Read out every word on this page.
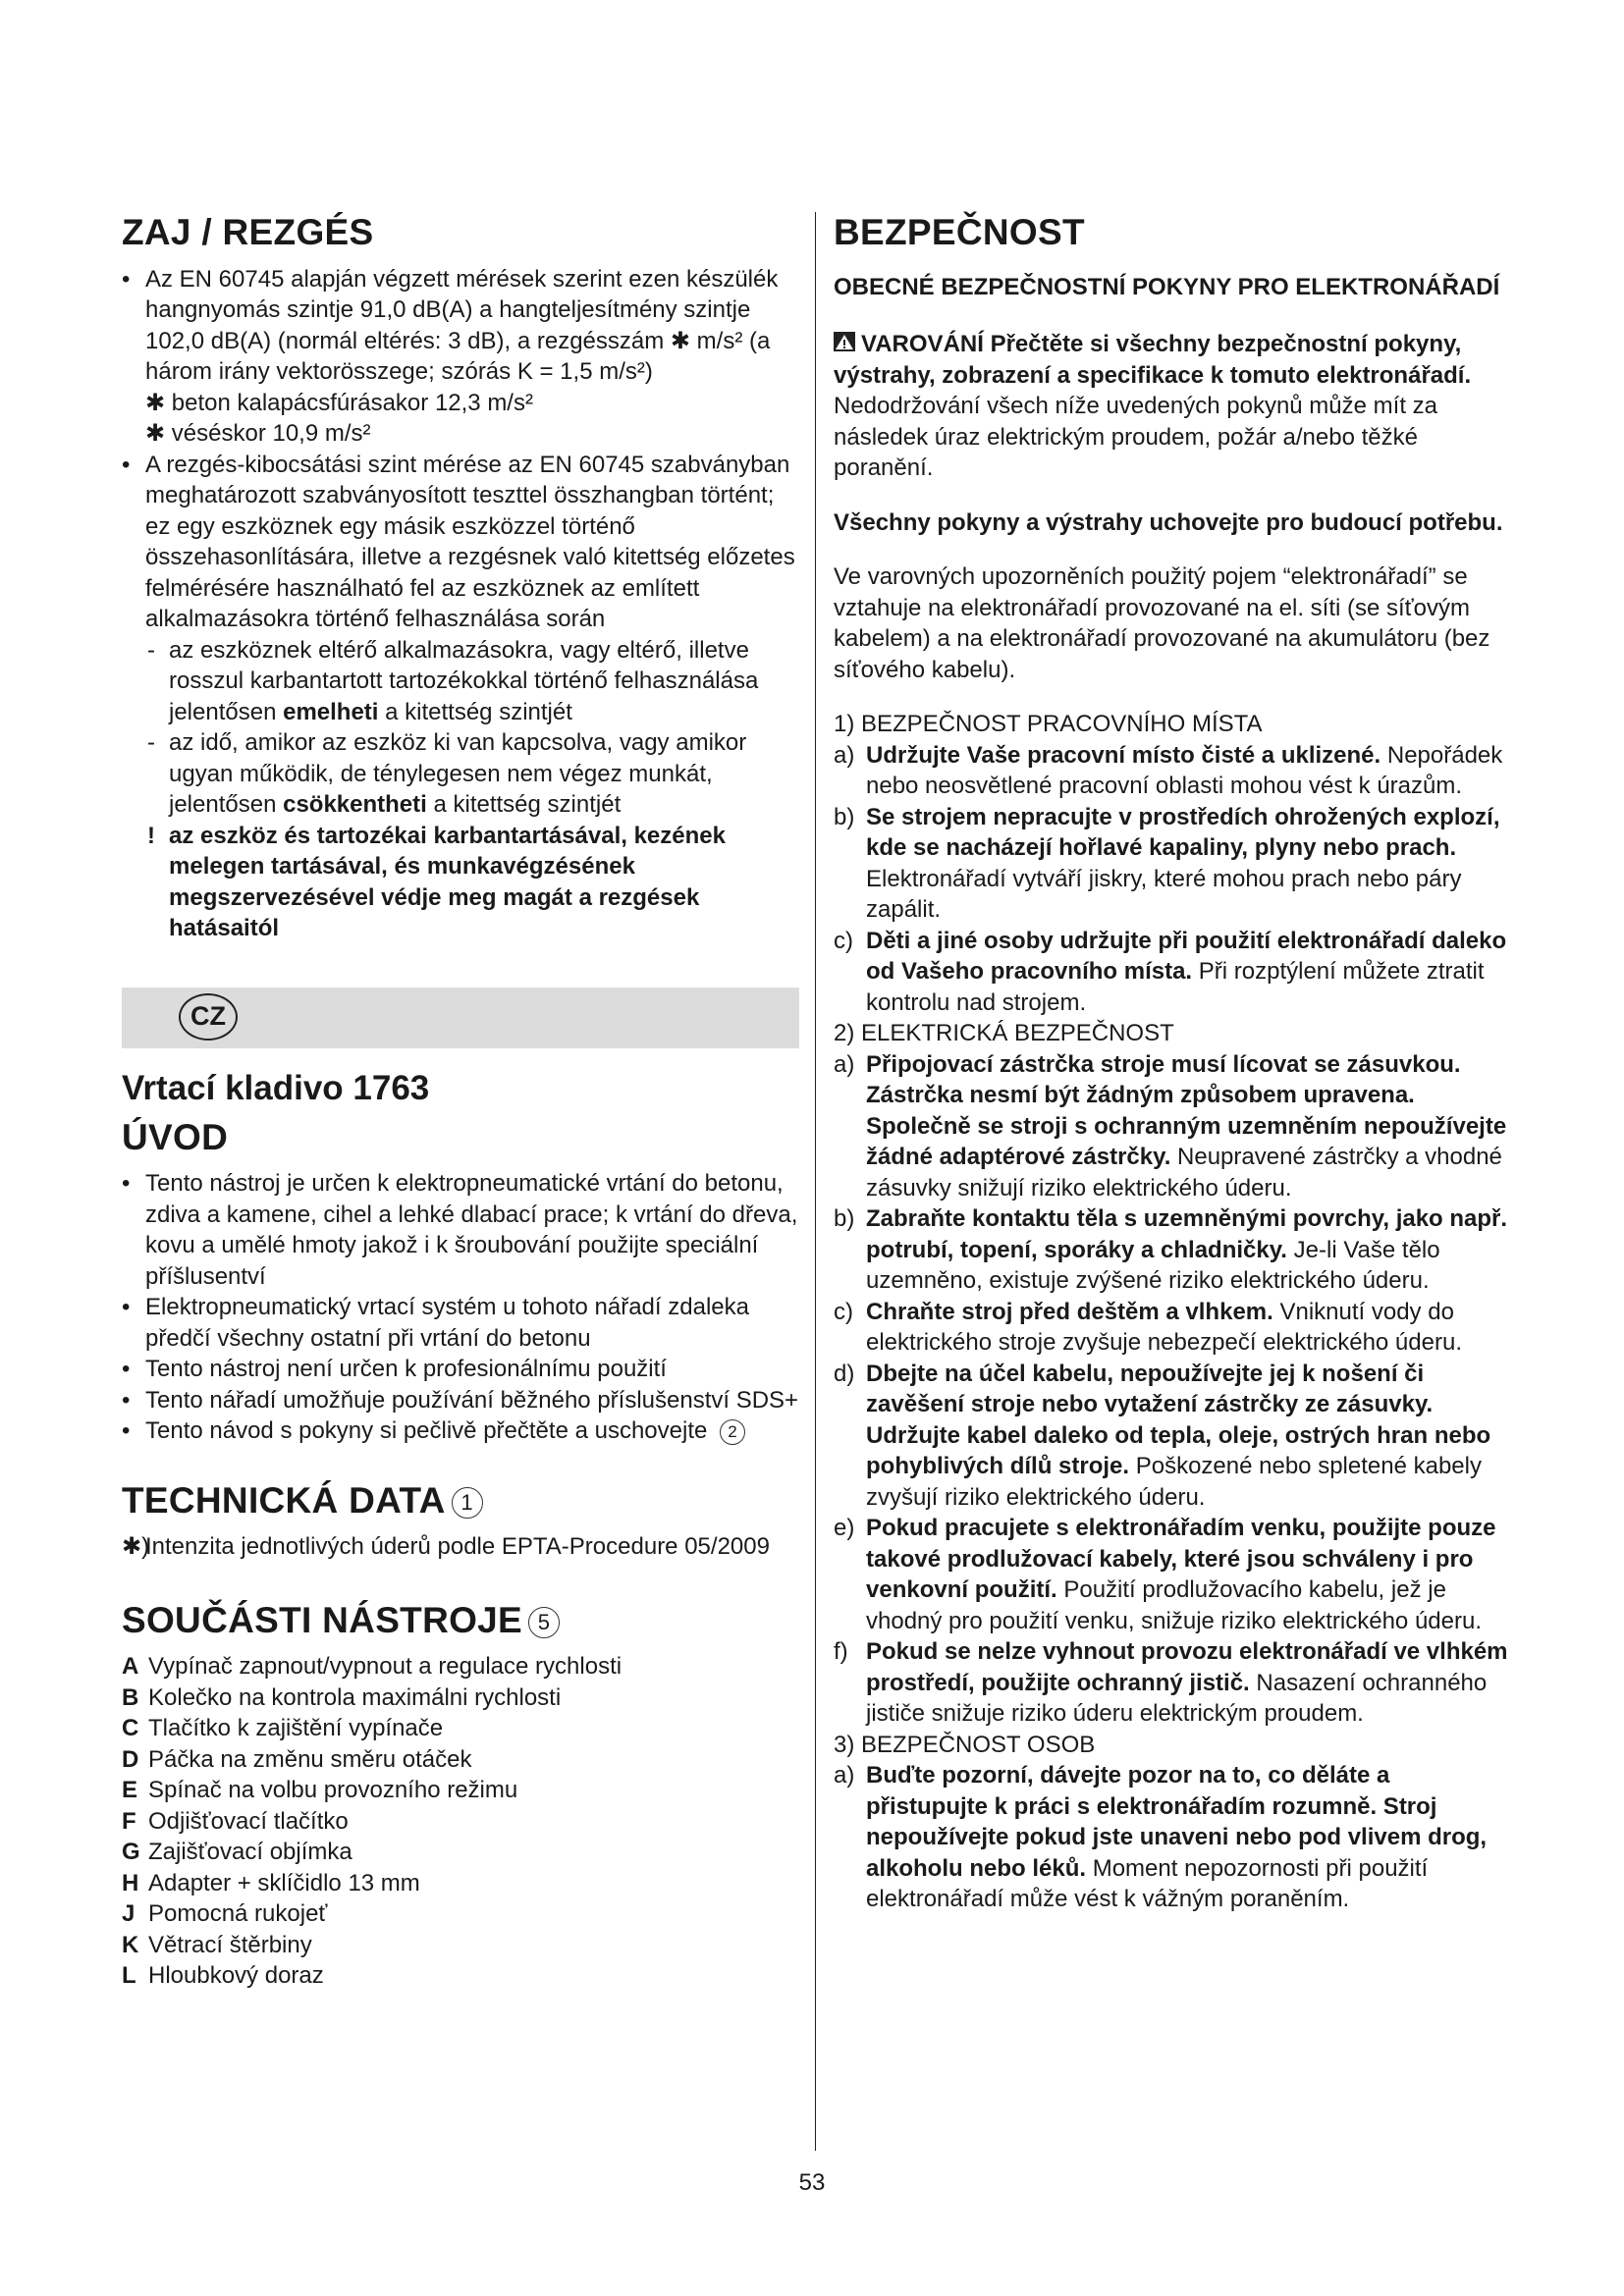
ZAJ / REZGÉS
• Az EN 60745 alapján végzett mérések szerint ezen készülék hangnyomás szintje 91,0 dB(A) a hangteljesítmény szintje 102,0 dB(A) (normál eltérés: 3 dB), a rezgésszám ✱ m/s² (a három irány vektorösszege; szórás K = 1,5 m/s²)
✱ beton kalapácsfúrásakor 12,3 m/s²
✱ véséskor 10,9 m/s²
• A rezgés-kibocsátási szint mérése az EN 60745 szabványban meghatározott szabványosított teszttel összhangban történt; ez egy eszköznek egy másik eszközzel történő összehasonlítására, illetve a rezgésnek való kitettség előzetes felmérésére használható fel az eszköznek az említett alkalmazásokra történő felhasználása során
- az eszköznek eltérő alkalmazásokra, vagy eltérő, illetve rosszul karbantartott tartozékokkal történő felhasználása jelentősen emelheti a kitettség szintjét
- az idő, amikor az eszköz ki van kapcsolva, vagy amikor ugyan működik, de ténylegesen nem végez munkát, jelentősen csökkentheti a kitettség szintjét
! az eszköz és tartozékai karbantartásával, kezének melegen tartásával, és munkavégzésének megszervezésével védje meg magát a rezgések hatásaitól
CZ
Vrtací kladivo 1763
ÚVOD
• Tento nástroj je určen k elektropneumatické vrtání do betonu, zdiva a kamene, cihel a lehké dlabací prace; k vrtání do dřeva, kovu a umělé hmoty jakož i k šroubování použijte speciální příšlusentví
• Elektropneumatický vrtací systém u tohoto nářadí zdaleka předčí všechny ostatní při vrtání do betonu
• Tento nástroj není určen k profesionálnímu použití
• Tento nářadí umožňuje používání běžného příslušenství SDS+
• Tento návod s pokyny si pečlivě přečtěte a uschovejte 2
TECHNICKÁ DATA 1
✱)
Intenzita jednotlivých úderů podle EPTA-Procedure 05/2009
SOUČÁSTI NÁSTROJE 5
A Vypínač zapnout/vypnout a regulace rychlosti
B Kolečko na kontrola maximálni rychlosti
C Tlačítko k zajištění vypínače
D Páčka na změnu směru otáček
E Spínač na volbu provozního režimu
F Odjišťovací tlačítko
G Zajišťovací objímka
H Adapter + sklíčidlo 13 mm
J Pomocná rukojeť
K Větrací štěrbiny
L Hloubkový doraz
BEZPEČNOST
OBECNÉ BEZPEČNOSTNÍ POKYNY PRO ELEKTRONÁŘADÍ
VAROVÁNÍ Přečtěte si všechny bezpečnostní pokyny, výstrahy, zobrazení a specifikace k tomuto elektronářadí. Nedodržování všech níže uvedených pokynů může mít za následek úraz elektrickým proudem, požár a/nebo těžké poranění.
Všechny pokyny a výstrahy uchovejte pro budoucí potřebu.
Ve varovných upozorněních použitý pojem “elektronářadí” se vztahuje na elektronářadí provozované na el. síti (se síťovým kabelem) a na elektronářadí provozované na akumulátoru (bez síťového kabelu).
1) BEZPEČNOST PRACOVNÍHO MÍSTA
a) Udržujte Vaše pracovní místo čisté a uklizené. Nepořádek nebo neosvětlené pracovní oblasti mohou vést k úrazům.
b) Se strojem nepracujte v prostředích ohrožených explozí, kde se nacházejí hořlavé kapaliny, plyny nebo prach. Elektronářadí vytváří jiskry, které mohou prach nebo páry zapálit.
c) Děti a jiné osoby udržujte při použití elektronářadí daleko od Vašeho pracovního místa. Při rozptýlení můžete ztratit kontrolu nad strojem.
2) ELEKTRICKÁ BEZPEČNOST
a) Připojovací zástrčka stroje musí lícovat se zásuvkou. Zástrčka nesmí být žádným způsobem upravena. Společně se stroji s ochranným uzemněním nepoužívejte žádné adaptérové zástrčky. Neupravené zástrčky a vhodné zásuvky snižují riziko elektrického úderu.
b) Zabraňte kontaktu těla s uzemněnými povrchy, jako např. potrubí, topení, sporáky a chladničky. Je-li Vaše tělo uzemněno, existuje zvýšené riziko elektrického úderu.
c) Chraňte stroj před deštěm a vlhkem. Vniknutí vody do elektrického stroje zvyšuje nebezpečí elektrického úderu.
d) Dbejte na účel kabelu, nepoužívejte jej k nošení či zavěšení stroje nebo vytažení zástrčky ze zásuvky. Udržujte kabel daleko od tepla, oleje, ostrých hran nebo pohyblivých dílů stroje. Poškozené nebo spletené kabely zvyšují riziko elektrického úderu.
e) Pokud pracujete s elektronářadím venku, použijte pouze takové prodlužovací kabely, které jsou schváleny i pro venkovní použití. Použití prodlužovacího kabelu, jež je vhodný pro použití venku, snižuje riziko elektrického úderu.
f) Pokud se nelze vyhnout provozu elektronářadí ve vlhkém prostředí, použijte ochranný jistič. Nasazení ochranného jističe snižuje riziko úderu elektrickým proudem.
3) BEZPEČNOST OSOB
a) Buďte pozorní, dávejte pozor na to, co děláte a přistupujte k práci s elektronářadím rozumně. Stroj nepoužívejte pokud jste unaveni nebo pod vlivem drog, alkoholu nebo léků. Moment nepozornosti při použití elektronářadí může vést k vážným poraněním.
53
